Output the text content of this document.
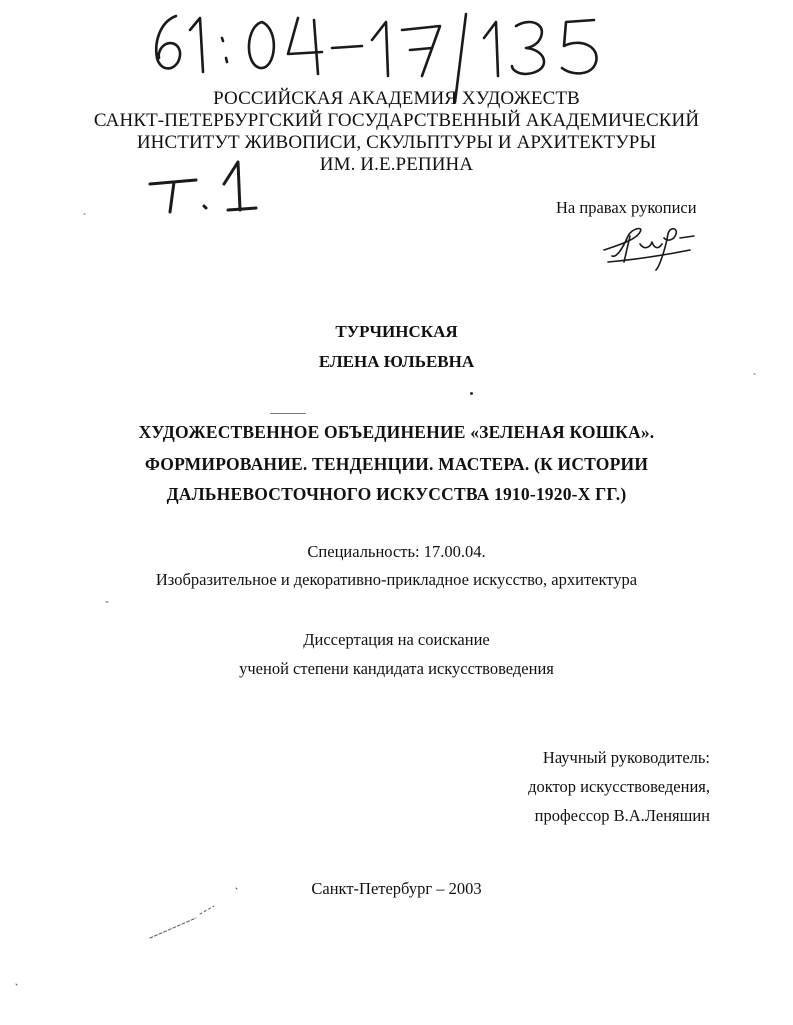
РОССИЙСКАЯ АКАДЕМИЯ ХУДОЖЕСТВ
САНКТ-ПЕТЕРБУРГСКИЙ ГОСУДАРСТВЕННЫЙ АКАДЕМИЧЕСКИЙ
ИНСТИТУТ ЖИВОПИСИ, СКУЛЬПТУРЫ И АРХИТЕКТУРЫ
ИМ. И.Е.РЕПИНА
На правах рукописи
ТУРЧИНСКАЯ
ЕЛЕНА ЮЛЬЕВНА
ХУДОЖЕСТВЕННОЕ ОБЪЕДИНЕНИЕ «ЗЕЛЕНАЯ КОШКА».
ФОРМИРОВАНИЕ. ТЕНДЕНЦИИ. МАСТЕРА. (К ИСТОРИИ
ДАЛЬНЕВОСТОЧНОГО ИСКУССТВА 1910-1920-Х ГГ.)
Специальность: 17.00.04.
Изобразительное и декоративно-прикладное искусство, архитектура
Диссертация на соискание
ученой степени кандидата искусствоведения
Научный руководитель:
доктор искусствоведения,
профессор В.А.Леняшин
Санкт-Петербург – 2003
